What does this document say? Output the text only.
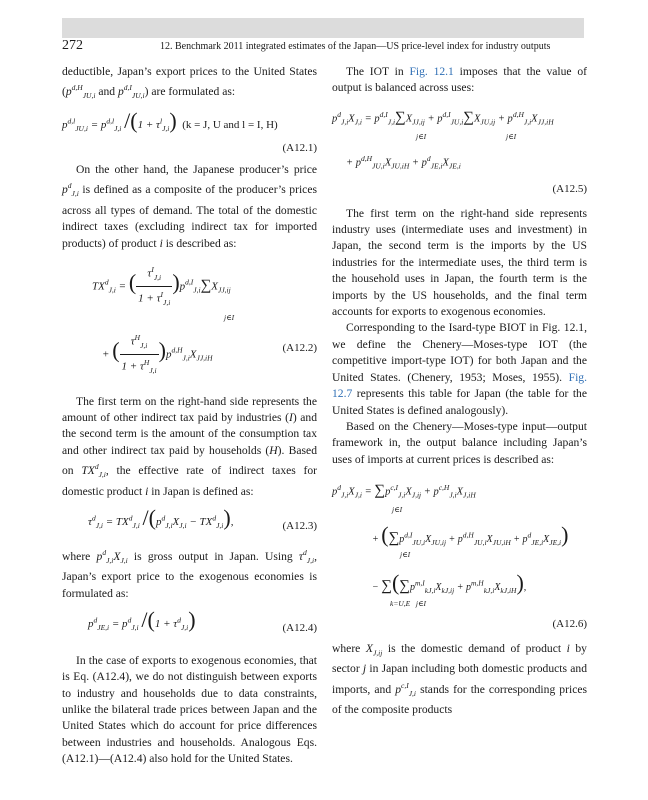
272	12. Benchmark 2011 integrated estimates of the Japan—US price-level index for industry outputs

deductible, Japan’s export prices to the United States ($p^{d,H}_{JU,i}$ and $p^{d,I}_{JU,i}$) are formulated as:

$p^{d,l}_{JU,i} = p^{d,l}_{J,i}$ $/(1 + \tau^l_{J,i})$ (k = J, U and l = I, H)
(A12.1)

On the other hand, the Japanese producer’s price $p^d_{J,i}$ is defined as a composite of the producer’s prices across all types of demand. The total of the domestic indirect taxes (excluding indirect tax for imported products) of product i is described as:

$TX^d_{J,i}$ = ( $\frac{\tau^I_{J,i}}{1 + \tau^I_{J,i}} )p^{d,I}_{J,i}\sum X_{JJ,ij}$
j∈I
+ ( $\frac{\tau^H_{J,i}}{1 + \tau^H_{J,i}} )p^{d,H}_{J,i}X_{JJ,iH}$
(A12.2)

The first term on the right-hand side represents the amount of other indirect tax paid by industries (I) and the second term is the amount of the consumption tax and other indirect tax paid by households (H). Based on $TX^d_{J,i}$, the effective rate of indirect taxes for domestic product i in Japan is defined as:

$\tau^d_{J,i} = TX^d_{J,i}$ $/(p^d_{J,i}X_{J,i} - TX^d_{J,i})$,	(A12.3)

where $p^d_{J,i}X_{J,i}$ is gross output in Japan. Using $\tau^d_{J,i}$, Japan’s export price to the exogenous economies is formulated as:

$p^d_{JE,i} = p^d_{J,i}$ $/(1 + \tau^d_{J,i})$	(A12.4)

In the case of exports to exogenous economies, that is Eq. (A12.4), we do not distinguish between exports to industry and households due to data constraints, unlike the bilateral trade prices between Japan and the United States which do account for price differences between industries and households. Analogous Eqs. (A12.1)—(A12.4) also hold for the United States.

The IOT in Fig. 12.1 imposes that the value of output is balanced across uses:

$p^d_{J,i}X_{J,i} = p^{d,I}_{J,i}\sum X_{JJ,ij} + p^{d,I}_{JU,i}\sum X_{JU,ij} + p^{d,H}_{J,i}X_{JJ,iH}$
j∈I	j∈I
+ $p^{d,H}_{JU,i}X_{JU,iH} + p^d_{JE,i}X_{JE,i}$
(A12.5)

The first term on the right-hand side represents industry uses (intermediate uses and investment) in Japan, the second term is the imports by the US industries for the intermediate uses, the third term is the household uses in Japan, the fourth term is the imports by the US households, and the final term accounts for exports to exogenous economies.

Corresponding to the Isard-type BIOT in Fig. 12.1, we define the Chenery—Moses-type IOT (the competitive import-type IOT) for both Japan and the United States. (Chenery, 1953; Moses, 1955). Fig. 12.7 represents this table for Japan (the table for the United States is defined analogously).

Based on the Chenery—Moses-type input—output framework in, the output balance including Japan’s uses of imports at current prices is described as:

$p^d_{J,i}X_{J,i} = \sum p^{c,I}_{J,i}X_{J,ij} + p^{c,H}_{J,i}X_{J,iH}$
j∈I
+ $(\sum p^{d,I}_{JU,i}X_{JU,ij} + p^{d,H}_{JU,i}X_{JU,iH} + p^d_{JE,i}X_{JE,i})$
j∈I
− $\sum(\sum p^{m,I}_{kJ,i}X_{kJ,ij} + p^{m,H}_{kJ,i}X_{kJ,iH})$,
k=U,E   j∈I
(A12.6)

where $X_{J,ij}$ is the domestic demand of product i by sector j in Japan including both domestic products and imports, and $p^{c,I}_{J,i}$ stands for the corresponding prices of the composite products
